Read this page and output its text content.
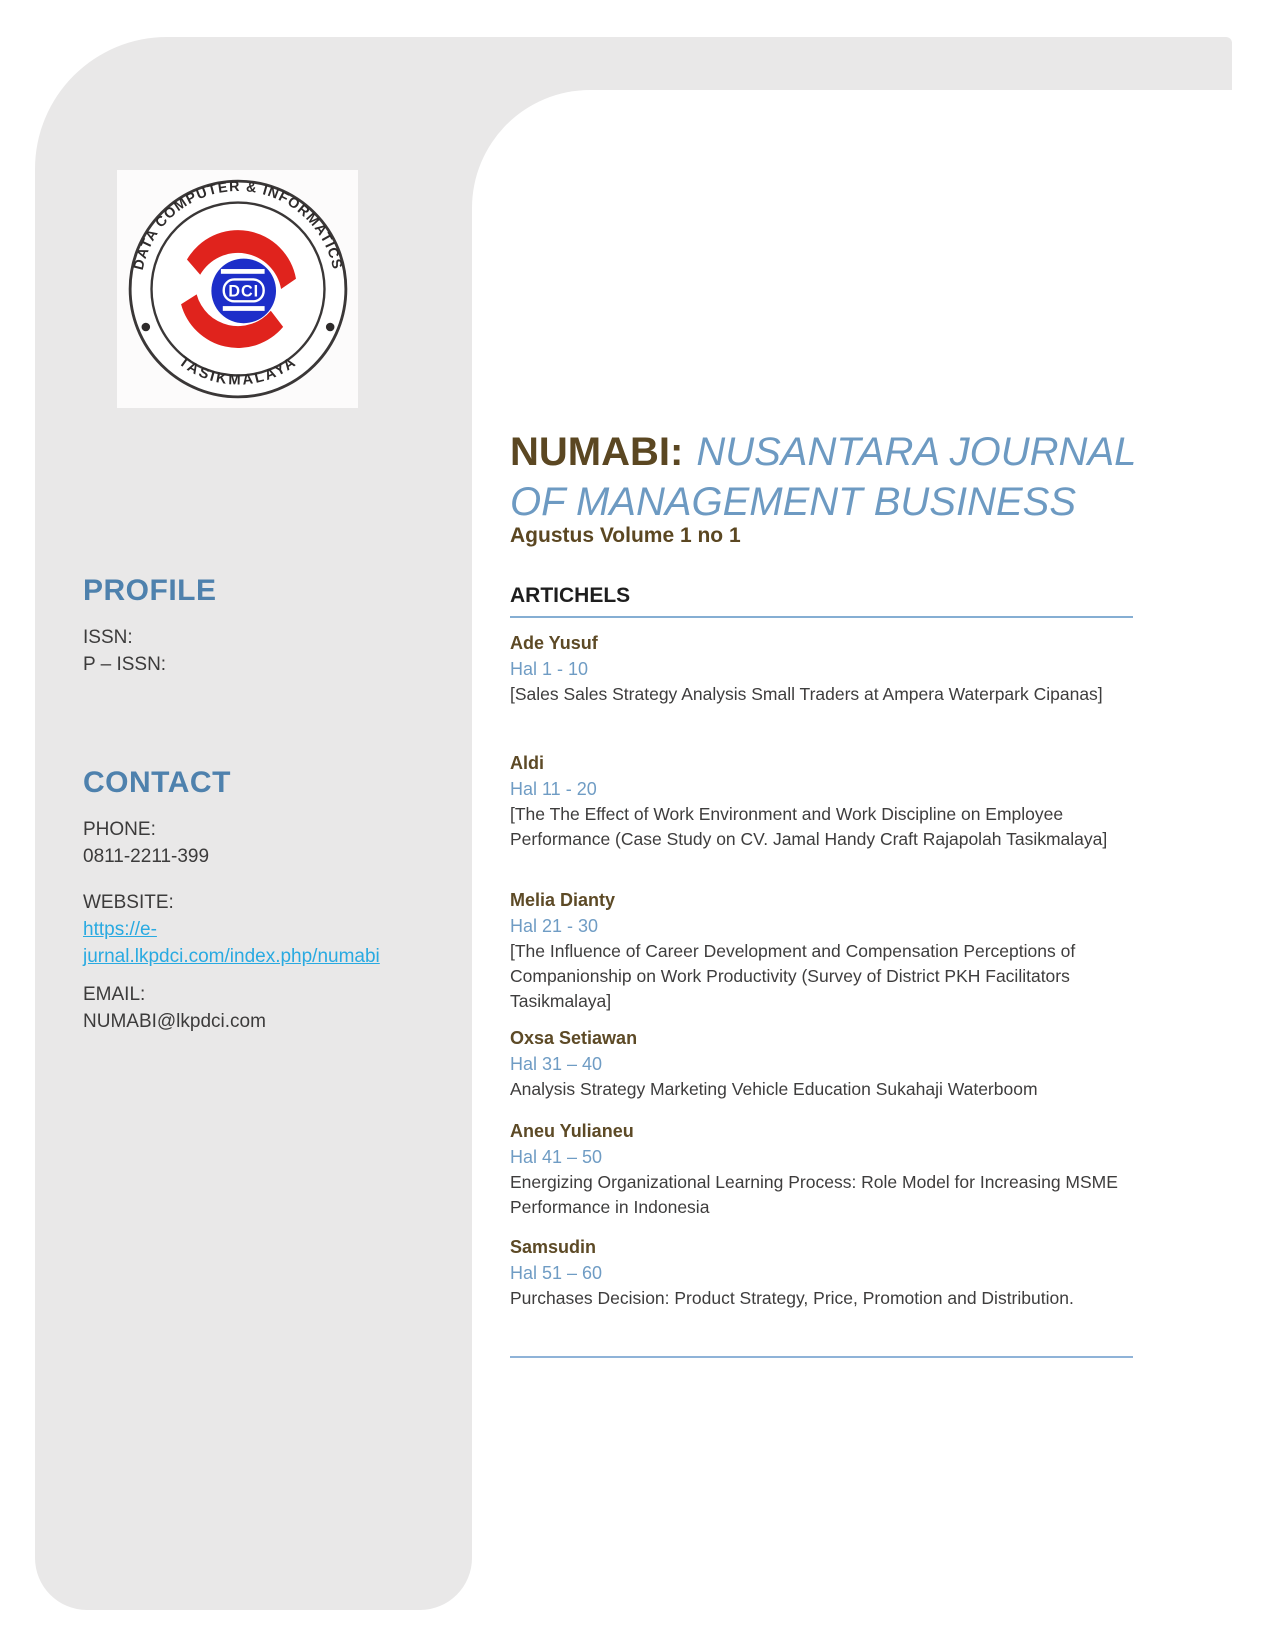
NUMABI: NUSANTARA JOURNAL
OF MANAGEMENT BUSINESS
Agustus Volume 1 no 1
ARTICHELS
Ade Yusuf
Hal 1 - 10
[Sales Sales Strategy Analysis Small Traders at Ampera Waterpark Cipanas]
Aldi
Hal 11 - 20
[The The Effect of Work Environment and Work Discipline on Employee Performance (Case Study on CV. Jamal Handy Craft Rajapolah Tasikmalaya]
Melia Dianty
Hal 21 - 30
[The Influence of Career Development and Compensation Perceptions of Companionship on Work Productivity (Survey of District PKH Facilitators Tasikmalaya]
Oxsa Setiawan
Hal 31 – 40
Analysis Strategy Marketing Vehicle Education Sukahaji Waterboom
Aneu Yulianeu
Hal 41 – 50
Energizing Organizational Learning Process: Role Model for Increasing MSME Performance in Indonesia
Samsudin
Hal 51 – 60
Purchases Decision: Product Strategy, Price, Promotion and Distribution.
DATA COMPUTER & INFORMATICS
TASIKMALAYA
DCI
PROFILE
ISSN:
P – ISSN:
CONTACT
PHONE:
0811-2211-399
WEBSITE:
https://e-
jurnal.lkpdci.com/index.php/numabi
EMAIL:
NUMABI@lkpdci.com
